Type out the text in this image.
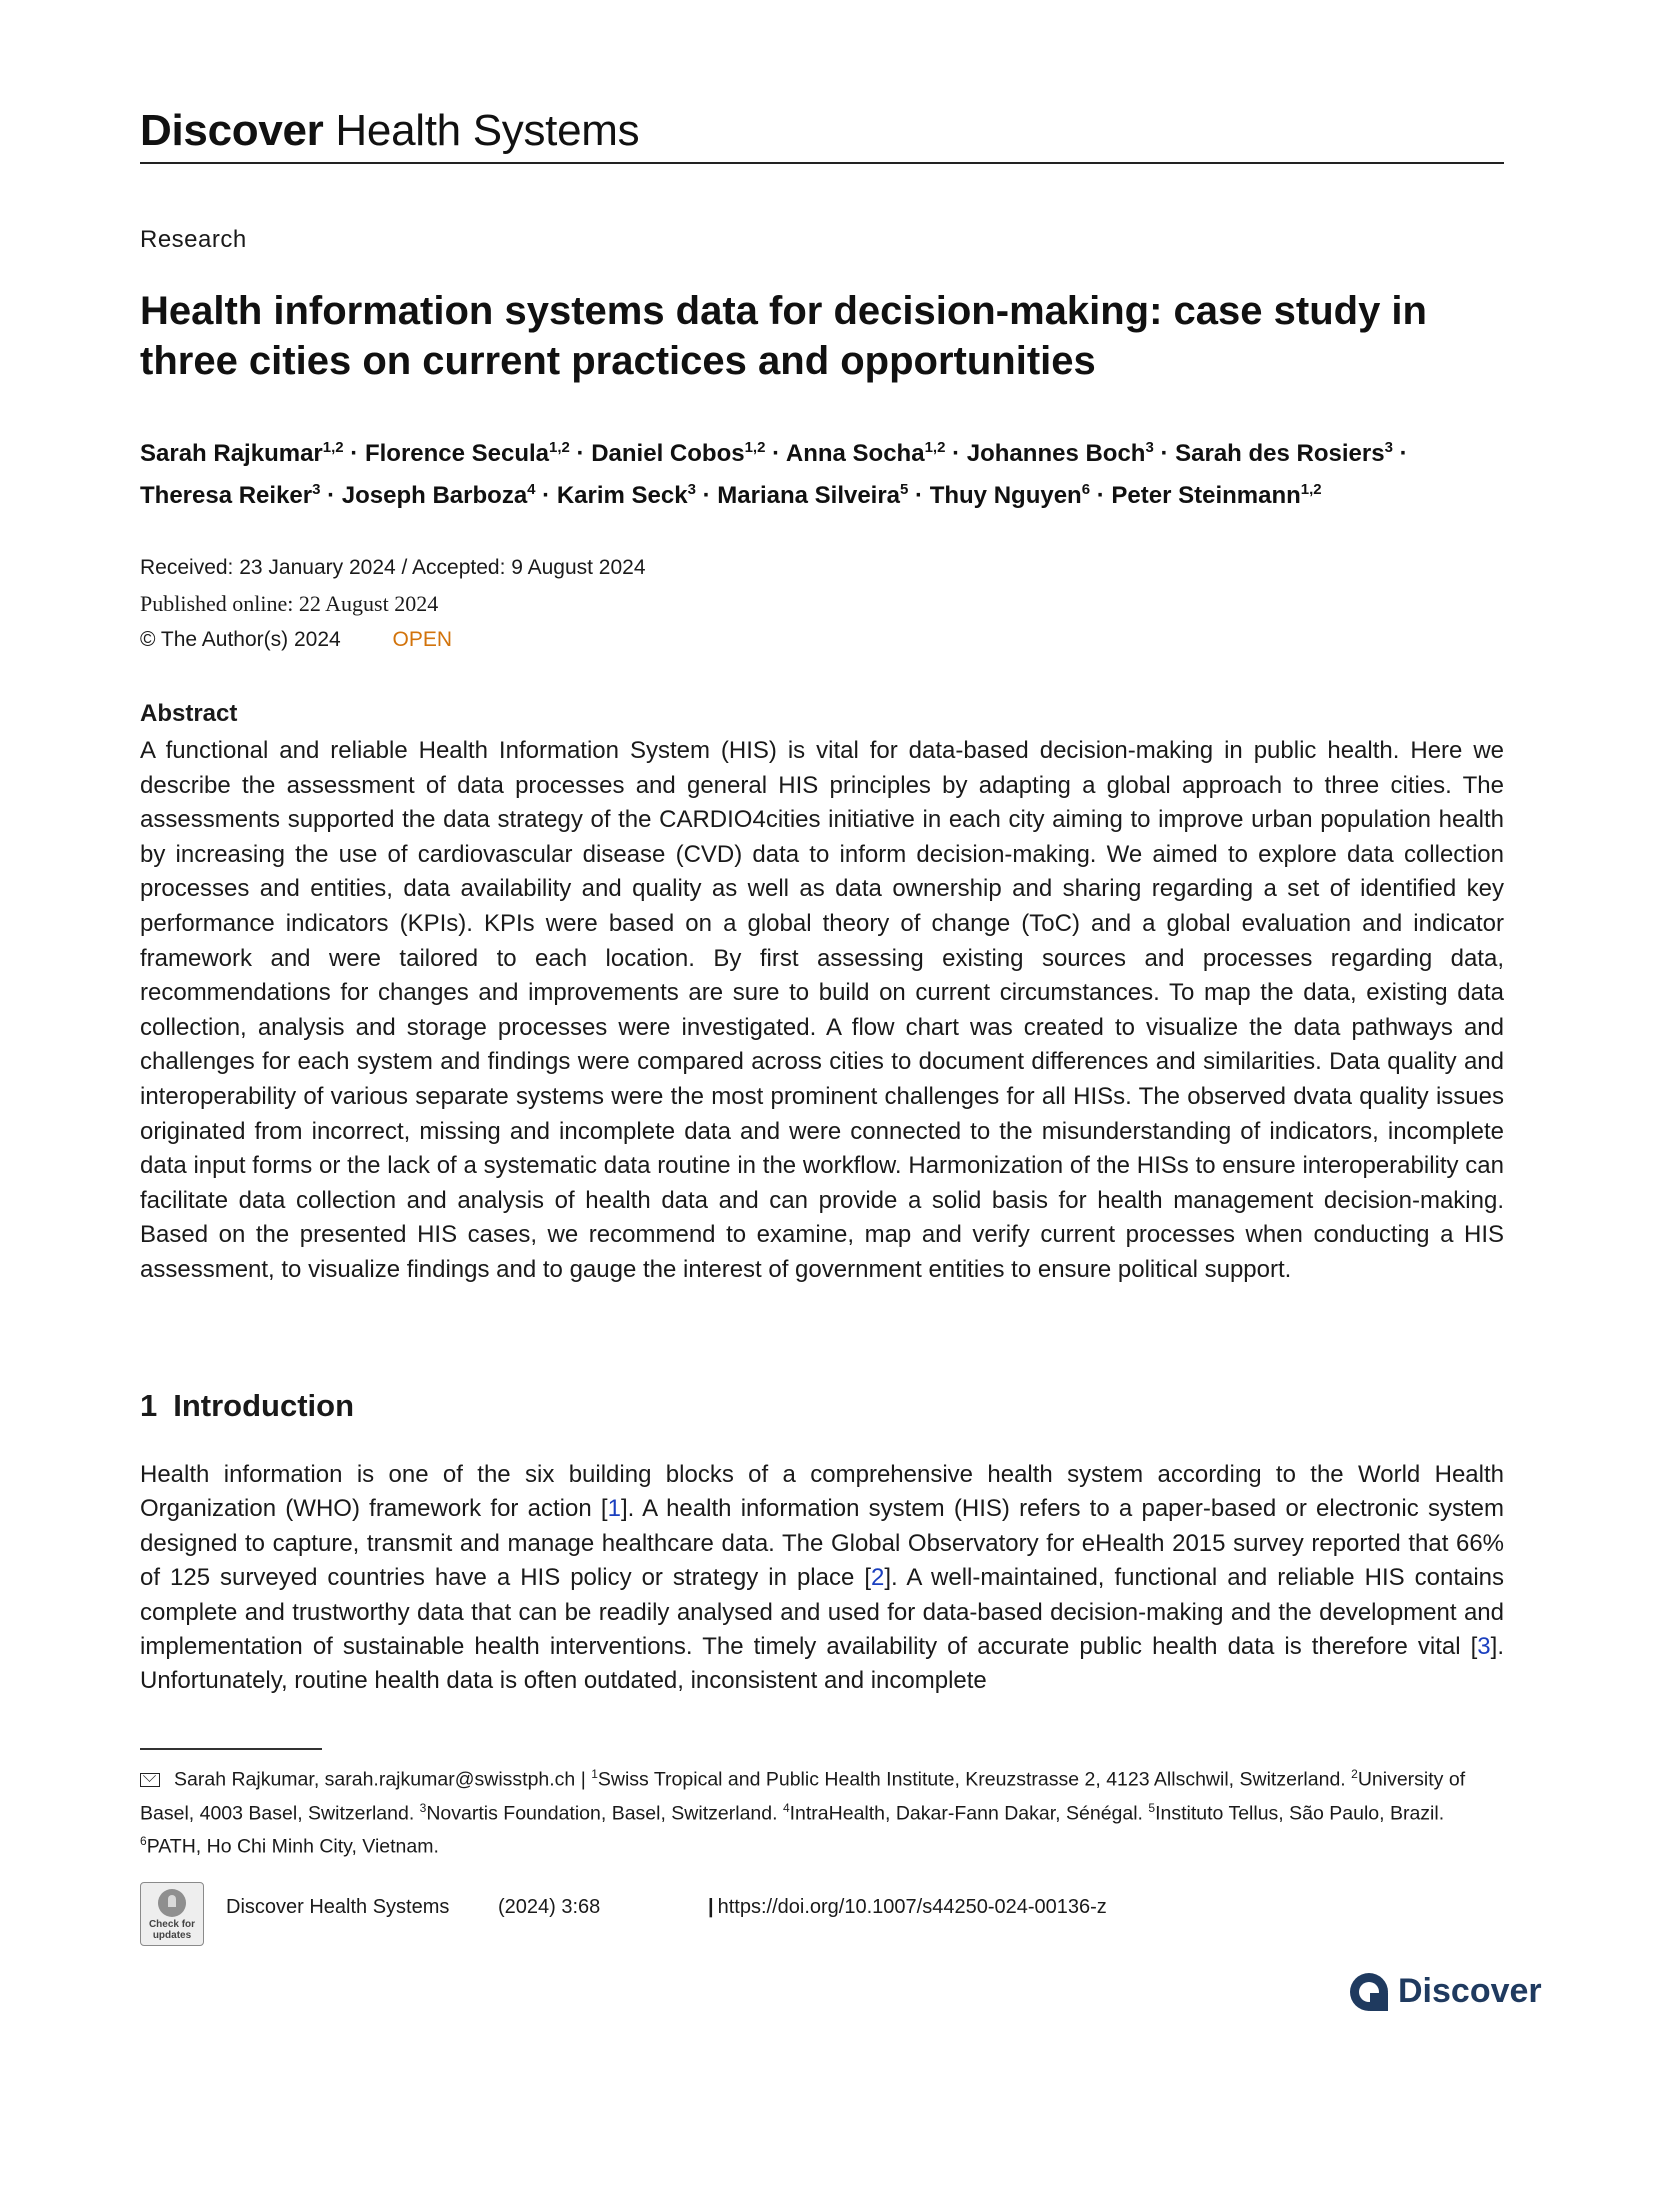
Discover Health Systems
Research
Health information systems data for decision-making: case study in three cities on current practices and opportunities
Sarah Rajkumar$^{1,2}$ · Florence Secula$^{1,2}$ · Daniel Cobos$^{1,2}$ · Anna Socha$^{1,2}$ · Johannes Boch$^3$ · Sarah des Rosiers$^3$ ·
Theresa Reiker$^3$ · Joseph Barboza$^4$ · Karim Seck$^3$ · Mariana Silveira$^5$ · Thuy Nguyen$^6$ · Peter Steinmann$^{1,2}$
Received: 23 January 2024 / Accepted: 9 August 2024
Published online: 22 August 2024
© The Author(s) 2024 OPEN
Abstract
A functional and reliable Health Information System (HIS) is vital for data-based decision-making in public health. Here we describe the assessment of data processes and general HIS principles by adapting a global approach to three cities. The assessments supported the data strategy of the CARDIO4cities initiative in each city aiming to improve urban population health by increasing the use of cardiovascular disease (CVD) data to inform decision-making. We aimed to explore data collection processes and entities, data availability and quality as well as data ownership and sharing regarding a set of identified key performance indicators (KPIs). KPIs were based on a global theory of change (ToC) and a global evaluation and indicator framework and were tailored to each location. By first assessing existing sources and processes regarding data, recommendations for changes and improvements are sure to build on current circumstances. To map the data, existing data collection, analysis and storage processes were investigated. A flow chart was created to visualize the data pathways and challenges for each system and findings were compared across cities to document differences and similarities. Data quality and interoperability of various separate systems were the most prominent challenges for all HISs. The observed dvata quality issues originated from incorrect, missing and incomplete data and were connected to the misunderstanding of indicators, incomplete data input forms or the lack of a systematic data routine in the workflow. Harmonization of the HISs to ensure interoperability can facilitate data collection and analysis of health data and can provide a solid basis for health management decision-making. Based on the presented HIS cases, we recommend to examine, map and verify current processes when conducting a HIS assessment, to visualize findings and to gauge the interest of government entities to ensure political support.
1 Introduction
Health information is one of the six building blocks of a comprehensive health system according to the World Health Organization (WHO) framework for action [1]. A health information system (HIS) refers to a paper-based or electronic system designed to capture, transmit and manage healthcare data. The Global Observatory for eHealth 2015 survey reported that 66% of 125 surveyed countries have a HIS policy or strategy in place [2]. A well-maintained, functional and reliable HIS contains complete and trustworthy data that can be readily analysed and used for data-based decision-making and the development and implementation of sustainable health interventions. The timely availability of accurate public health data is therefore vital [3]. Unfortunately, routine health data is often outdated, inconsistent and incomplete
Sarah Rajkumar, sarah.rajkumar@swisstph.ch | $^1$Swiss Tropical and Public Health Institute, Kreuzstrasse 2, 4123 Allschwil, Switzerland. $^2$University of Basel, 4003 Basel, Switzerland. $^3$Novartis Foundation, Basel, Switzerland. $^4$IntraHealth, Dakar-Fann Dakar, Sénégal. $^5$Instituto Tellus, São Paulo, Brazil. $^6$PATH, Ho Chi Minh City, Vietnam.
Check for updates
Discover Health Systems (2024) 3:68	| https://doi.org/10.1007/s44250-024-00136-z
Discover
